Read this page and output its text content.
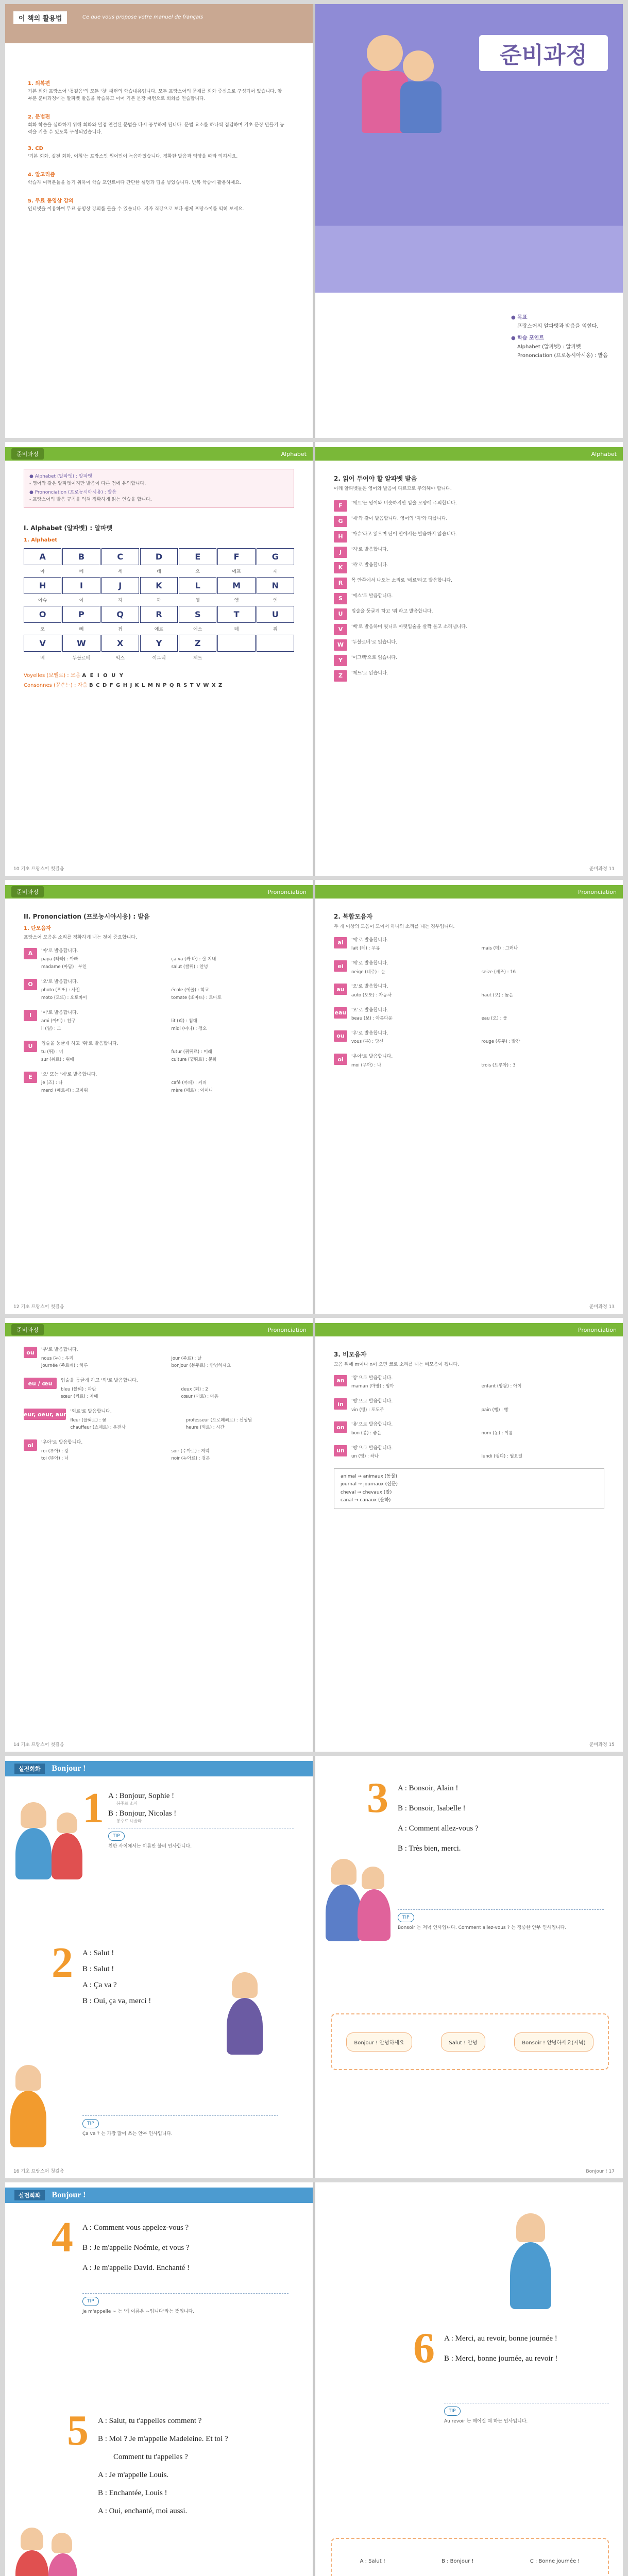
이 책의 활용법	Ce que vous propose votre manuel de français
1. 의복편
기본 회화 프랑스어 '첫걸음'의 모든 '첫' 패턴의 학습내용입니다. 모든 프랑스어의 문제를 회화 중심으로 구성되어 있습니다. 앞부분 준비과정에는 알파벳 발음을 학습하고 이어 기본 문장 패턴으로 회화를 연습합니다.
2. 문법편
회화 학습을 심화하기 위해 회화와 밀접 연결된 문법을 다시 공부하게 됩니다. 문법 요소를 하나씩 점검하며 기초 문장 만들기 능력을 키울 수 있도록 구성되었습니다.
3. CD
'기본 회화, 실전 회화, 어휘'는 프랑스인 원어민이 녹음하였습니다. 정확한 발음과 억양을 따라 익히세요.
4. 알고리즘
학습자 여러분들을 돕기 위하여 학습 포인트마다 간단한 설명과 팁을 넣었습니다. 반복 학습에 활용하세요.
5. 무료 동영상 강의
인터넷을 이용하여 무료 동영상 강의를 들을 수 있습니다. 저자 직강으로 보다 쉽게 프랑스어를 익혀 보세요.
준비과정
● 목표
프랑스어의 알파벳과 발음을 익힌다.
● 학습 포인트
Alphabet (알파벳) : 알파벳
Prononciation (프로농시아시옹) : 발음
준비과정	Alphabet
● Alphabet (알파벳) : 알파벳
- 영어와 같은 알파벳이지만 발음이 다른 점에 유의합니다.
● Prononciation (프로농시아시옹) : 발음
- 프랑스어의 발음 규칙을 익혀 정확하게 읽는 연습을 합니다.
I. Alphabet (알파벳) : 알파벳
1. Alphabet
A	B	C	D	E	F	G
아	베	세	데	으	에프	제
H	I	J	K	L	M	N
아슈	이	지	까	엘	엠	엔
O	P	Q	R	S	T	U
오	뻬	뀌	에르	에스	떼	위
V	W	X	Y	Z
베	두블르베	익스	이그렉	제드
Voyelles (보옐르) : 모음 A E I O U Y
Consonnes (꽁손느) : 자음 B C D F G H J K L M N P Q R S T V W X Z
10 기초 프랑스어 첫걸음
Alphabet
2. 읽어 두어야 할 알파벳 발음
아래 알파벳들은 영어와 발음이 다르므로 주의해야 합니다.
F	'에프'는 영어와 비슷하지만 입술 모양에 주의합니다.
G	'제'와 같이 발음합니다. 영어의 '지'와 다릅니다.
H	'아슈'라고 읽으며 단어 안에서는 발음하지 않습니다.
J	'지'로 발음합니다.
K	'까'로 발음합니다.
R	목 안쪽에서 나오는 소리로 '에르'라고 발음합니다.
S	'에스'로 발음합니다.
U	입술을 둥글게 하고 '위'라고 발음합니다.
V	'베'로 발음하며 윗니로 아랫입술을 살짝 물고 소리냅니다.
W	'두블르베'로 읽습니다.
Y	'이그렉'으로 읽습니다.
Z	'제드'로 읽습니다.
준비과정 11
준비과정	Prononciation
II. Prononciation (프로농시아시옹) : 발음
1. 단모음자
프랑스어 모음은 소리를 정확하게 내는 것이 중요합니다.
A	'아'로 발음합니다.
papa (빠빠) : 아빠	ça va (싸 바) : 잘 지내
madame (마담) : 부인	salut (쌀뤼) : 안녕
O	'오'로 발음합니다.
photo (포또) : 사진	école (에꼴) : 학교
moto (모또) : 오토바이	tomate (또마뜨) : 토마토
I	'이'로 발음합니다.
ami (아미) : 친구	lit (리) : 침대
il (일) : 그	midi (미디) : 정오
U	입술을 둥글게 하고 '위'로 발음합니다.
tu (뛰) : 너	futur (퓌뛰르) : 미래
sur (쉬르) : 위에	culture (뀔뛰르) : 문화
E	'으' 또는 '에'로 발음합니다.
je (즈) : 나	café (까페) : 커피
merci (메르씨) : 고마워	mère (메르) : 어머니
12 기초 프랑스어 첫걸음
Prononciation
2. 복합모음자
두 개 이상의 모음이 모여서 하나의 소리를 내는 경우입니다.
ai	'에'로 발음합니다.
lait (레) : 우유	mais (메) : 그러나
ei	'에'로 발음합니다.
neige (네주) : 눈	seize (세즈) : 16
au	'오'로 발음합니다.
auto (오또) : 자동차	haut (오) : 높은
eau '오'로 발음합니다.
beau (보) : 아름다운	eau (오) : 물
ou	'우'로 발음합니다.
vous (부) : 당신	rouge (루주) : 빨간
oi	'우아'로 발음합니다.
moi (무아) : 나	trois (트루아) : 3
준비과정 13
준비과정	Prononciation
ou	'우'로 발음합니다.
nous (누) : 우리	jour (주르) : 날
journée (주르네) : 하루	bonjour (봉주르) : 안녕하세요
eu / œu	입술을 둥글게 하고 '외'로 발음합니다.
bleu (블뢰) : 파란	deux (되) : 2
sœur (쐬르) : 자매	cœur (꾀르) : 마음
eur, oeur, aur '외르'로 발음합니다.
fleur (플뢰르) : 꽃	professeur (프로페쐬르) : 선생님
chauffeur (쇼페르) : 운전사	heure (외르) : 시간
oi	'우아'로 발음합니다.
roi (루아) : 왕	soir (수아르) : 저녁
toi (뚜아) : 너	noir (누아르) : 검은
14 기초 프랑스어 첫걸음
Prononciation
3. 비모음자
모음 뒤에 m이나 n이 오면 코로 소리를 내는 비모음이 됩니다.
an	'앙'으로 발음합니다.
maman (마망) : 엄마	enfant (앙팡) : 아이
in	'앵'으로 발음합니다.
vin (뱅) : 포도주	pain (뺑) : 빵
on	'옹'으로 발음합니다.
bon (봉) : 좋은	nom (농) : 이름
un	'앵'으로 발음합니다.
un (앵) : 하나	lundi (랭디) : 월요일
animal → animaux (동물)
journal → journaux (신문)
cheval → chevaux (말)
canal → canaux (운하)
준비과정 15
실전회화	Bonjour !
1 A : Bonjour, Sophie !
봉주르 소피
B : Bonjour, Nicolas !
봉주르 니꼴라
TIP
친한 사이에서는 이름만 불러 인사합니다.
2 A : Salut !
B : Salut !
A : Ça va ?
B : Oui, ça va, merci !
TIP
Ça va ? 는 가장 많이 쓰는 안부 인사입니다.
16 기초 프랑스어 첫걸음
3 A : Bonsoir, Alain !
B : Bonsoir, Isabelle !
A : Comment allez-vous ?
B : Très bien, merci.
TIP
Bonsoir 는 저녁 인사입니다. Comment allez-vous ? 는 정중한 안부 인사입니다.
Bonjour ! 안녕하세요	Salut ! 안녕	Bonsoir ! 안녕하세요(저녁)
Bonjour ! 17
실전회화	Bonjour !
4 A : Comment vous appelez-vous ?
B : Je m'appelle Noémie, et vous ?
A : Je m'appelle David. Enchanté !
TIP
Je m'appelle ~ 는 '제 이름은 ~입니다'라는 뜻입니다.
5 A : Salut, tu t'appelles comment ?
B : Moi ? Je m'appelle Madeleine. Et toi ?
Comment tu t'appelles ?
A : Je m'appelle Louis.
B : Enchantée, Louis !
A : Oui, enchanté, moi aussi.
6 A : Merci, au revoir, bonne journée !
B : Merci, bonne journée, au revoir !
TIP
Au revoir 는 헤어질 때 하는 인사입니다.
A : Salut !	B : Bonjour !	C : Bonne journée !
